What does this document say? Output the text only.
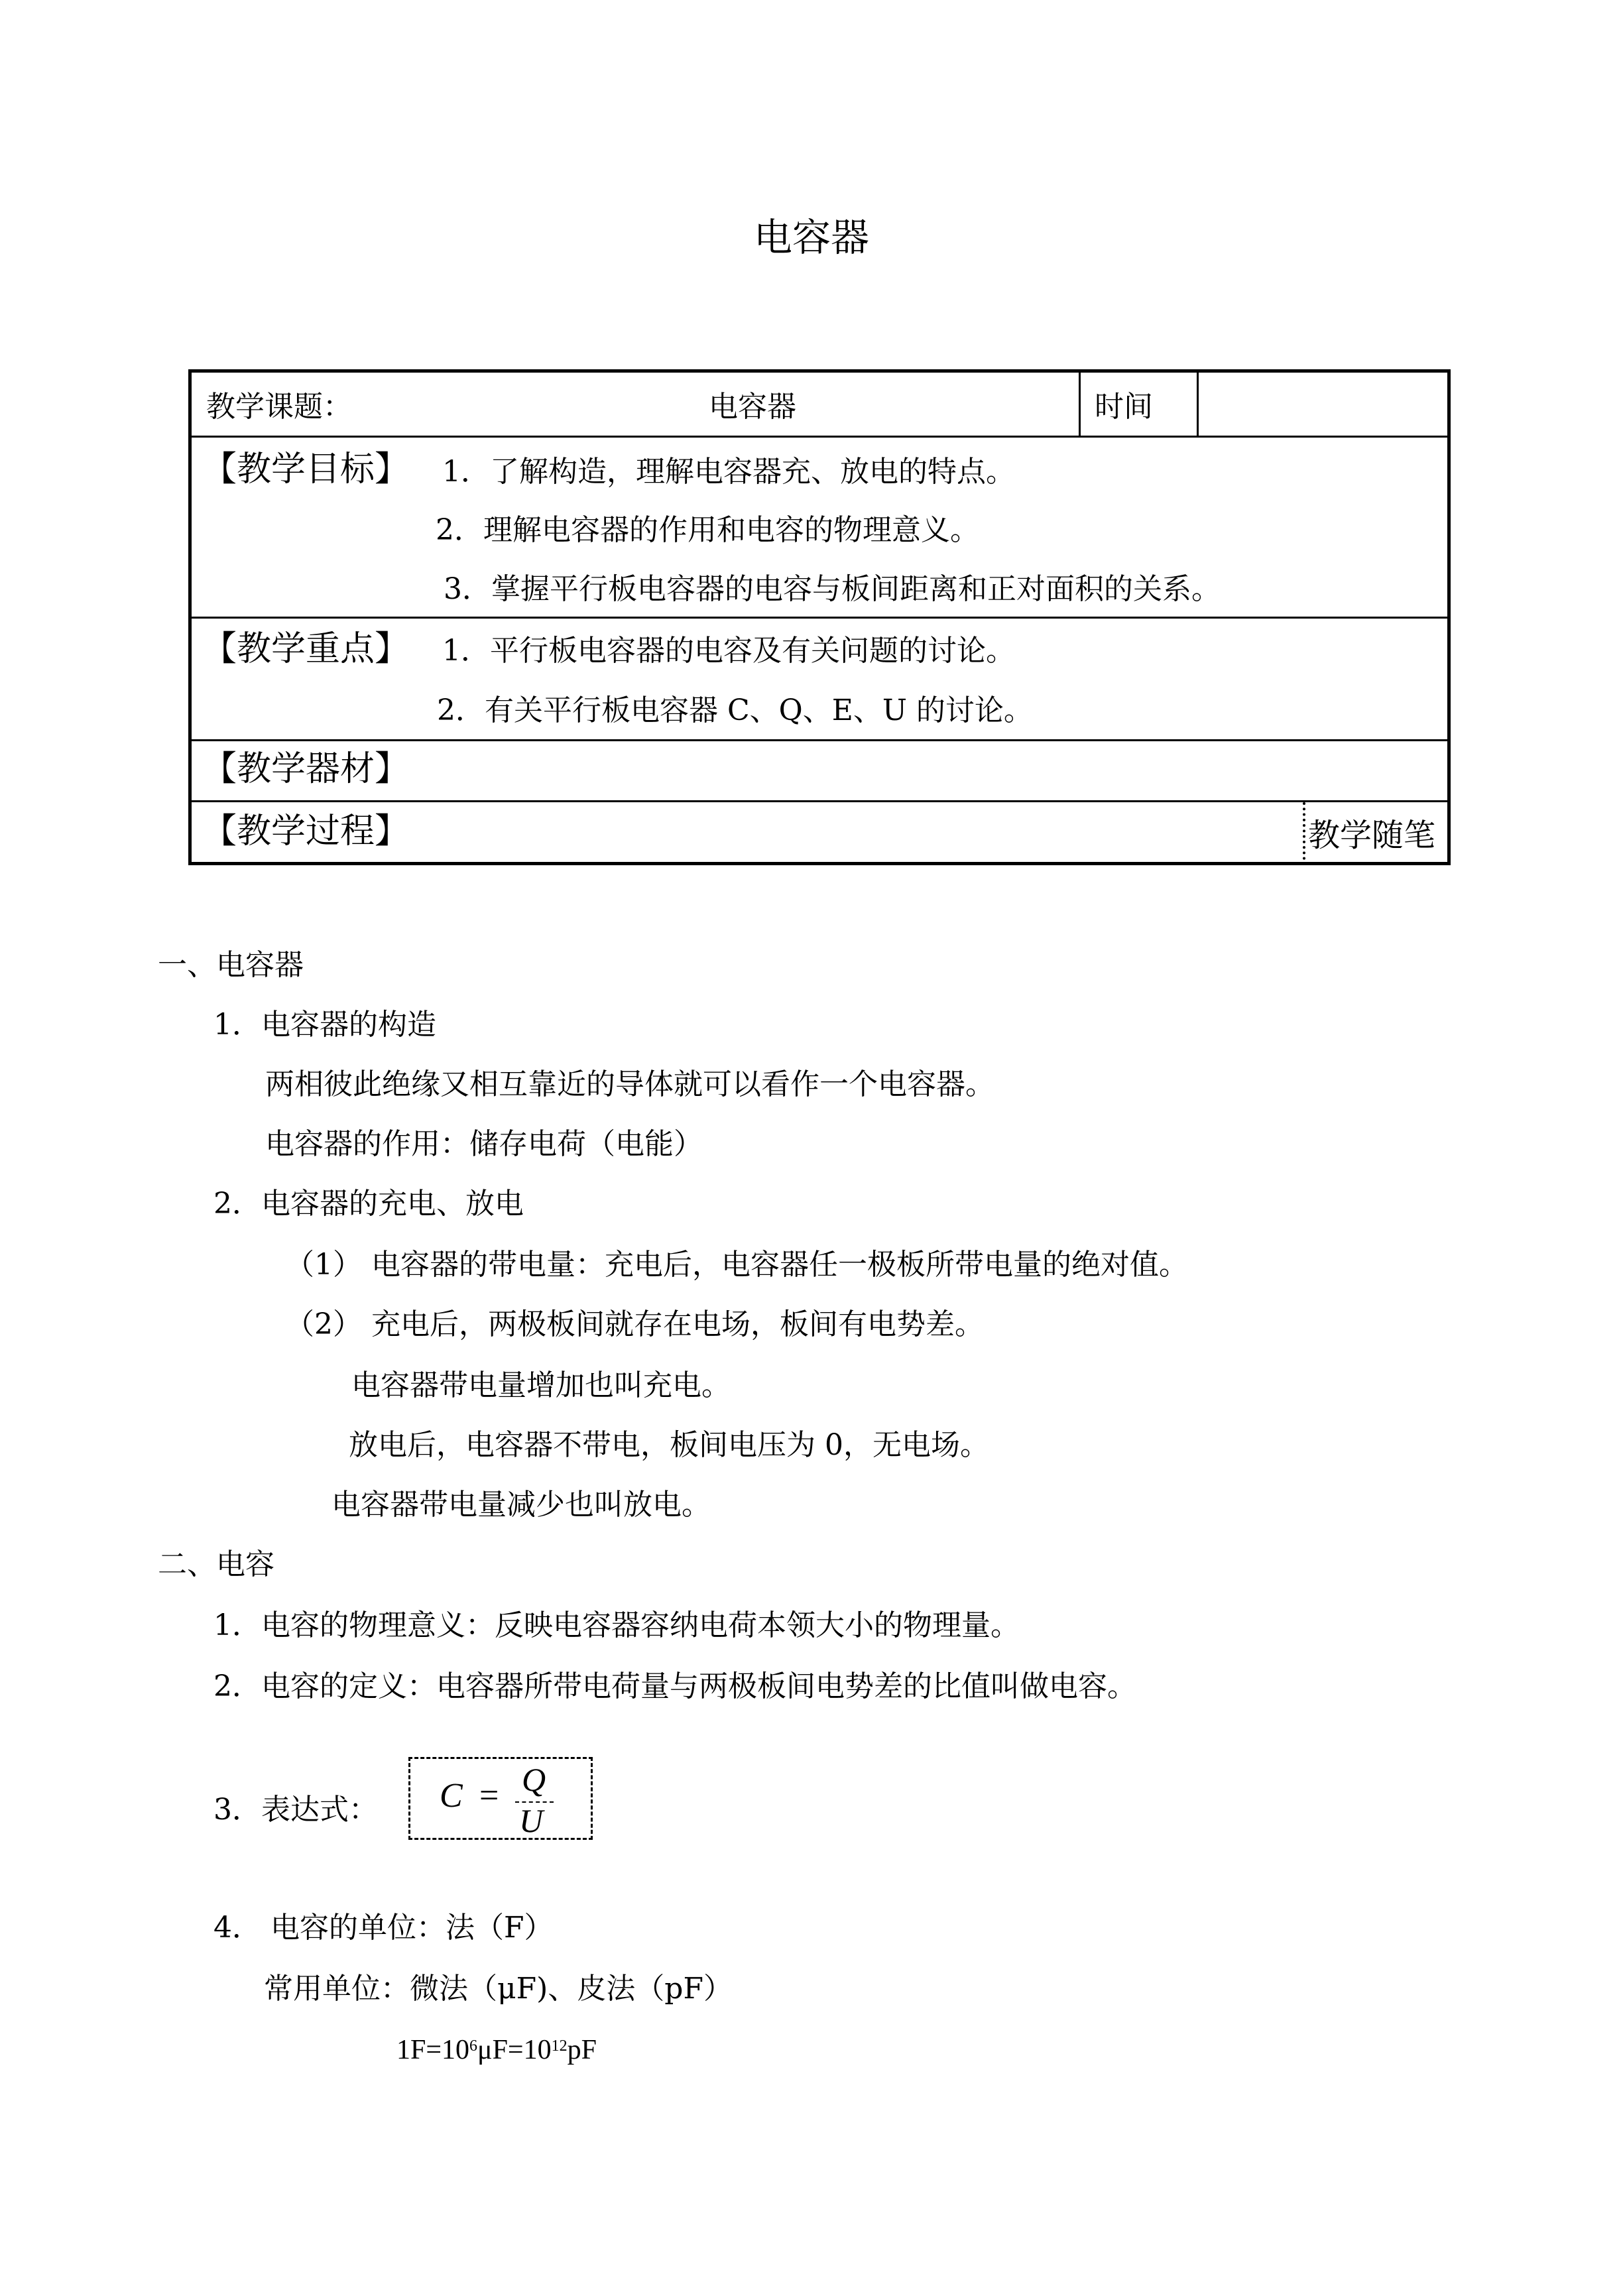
电容器
教学课题：	电容器	时间
【教学目标】 1．了解构造，理解电容器充、放电的特点。
2．理解电容器的作用和电容的物理意义。
3．掌握平行板电容器的电容与板间距离和正对面积的关系。
【教学重点】 1．平行板电容器的电容及有关问题的讨论。
2．有关平行板电容器 C、Q、E、U 的讨论。
【教学器材】
【教学过程】	教学随笔
一、电容器
1．电容器的构造
两相彼此绝缘又相互靠近的导体就可以看作一个电容器。
电容器的作用：储存电荷（电能）
2．电容器的充电、放电
（1） 电容器的带电量：充电后，电容器任一极板所带电量的绝对值。
（2） 充电后，两极板间就存在电场，板间有电势差。
电容器带电量增加也叫充电。
放电后，电容器不带电，板间电压为 0，无电场。
电容器带电量减少也叫放电。
二、电容
1．电容的物理意义：反映电容器容纳电荷本领大小的物理量。
2．电容的定义：电容器所带电荷量与两极板间电势差的比值叫做电容。
3．表达式： C = Q
U
4． 电容的单位：法（F）
常用单位：微法（μF)、皮法（pF）
$1F=10^6\mu F=10^{12}pF$
